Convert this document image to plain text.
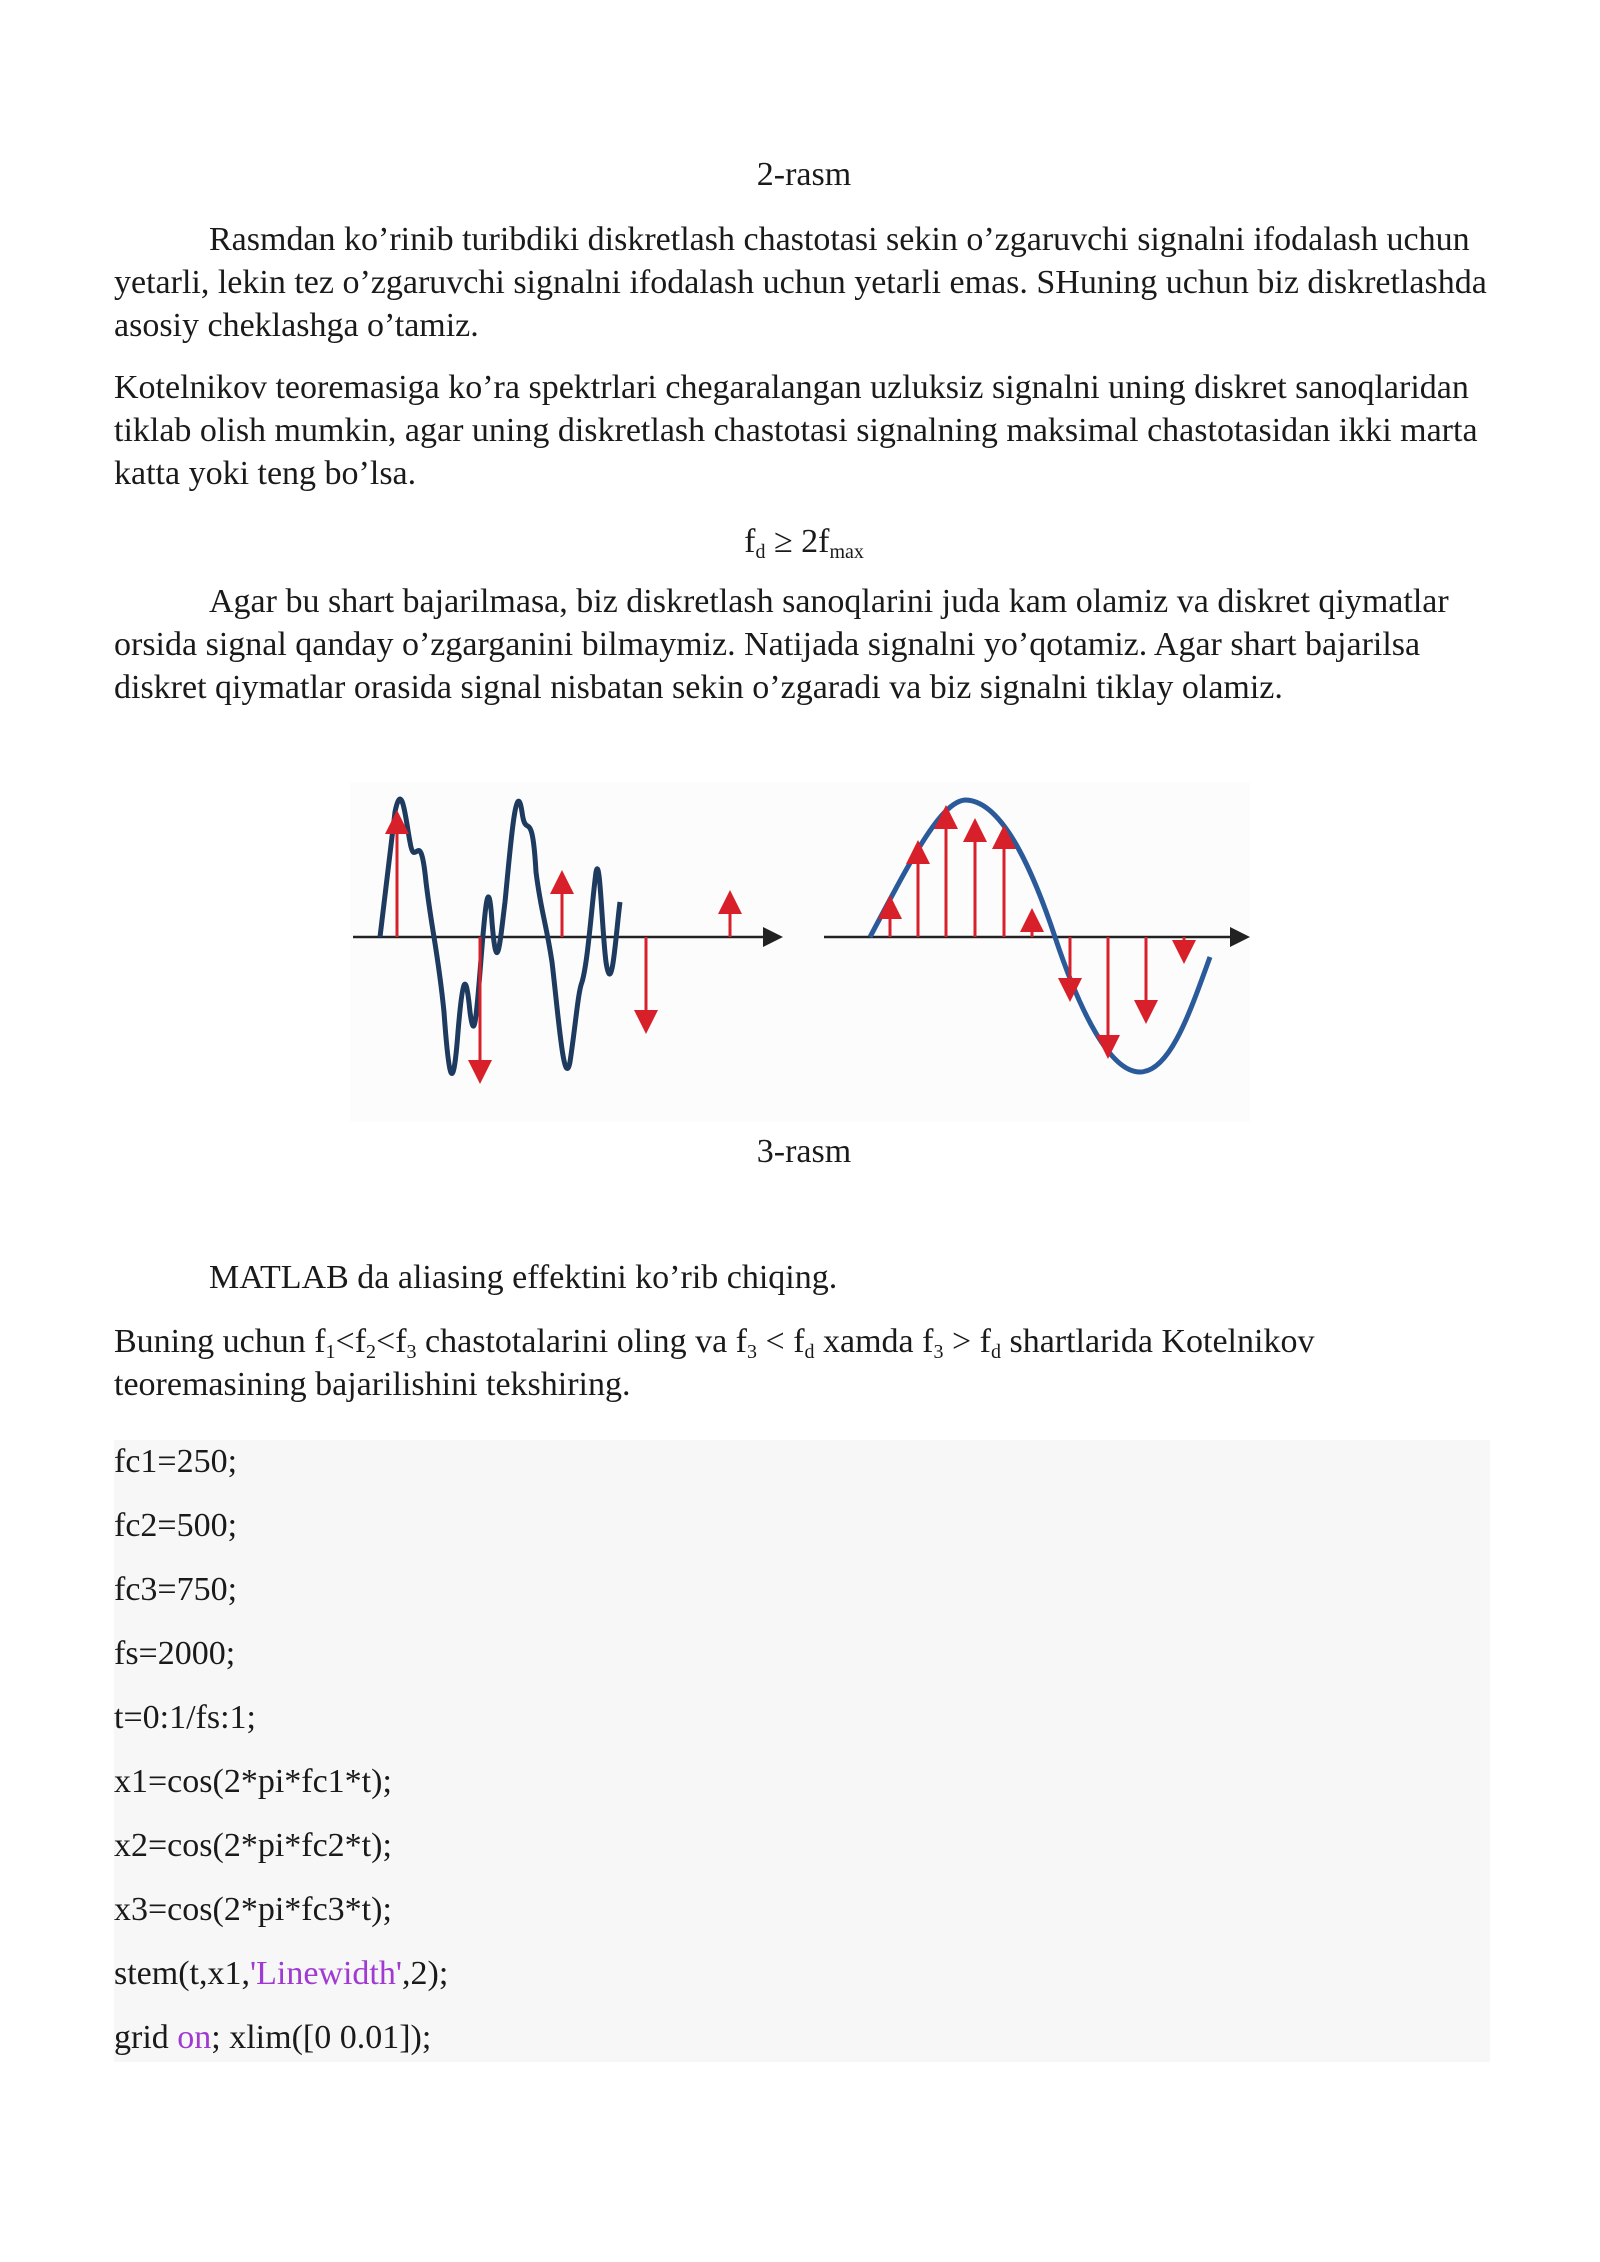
2-rasm

Rasmdan ko’rinib turibdiki diskretlash chastotasi sekin o’zgaruvchi signalni ifodalash uchun yetarli, lekin tez o’zgaruvchi signalni ifodalash uchun yetarli emas. SHuning uchun biz diskretlashda asosiy cheklashga o’tamiz.

Kotelnikov teoremasiga ko’ra spektrlari chegaralangan uzluksiz signalni uning diskret sanoqlaridan tiklab olish mumkin, agar uning diskretlash chastotasi signalning maksimal chastotasidan ikki marta katta yoki teng bo’lsa.

$f_d \ge 2f_{max}$

Agar bu shart bajarilmasa, biz diskretlash sanoqlarini juda kam olamiz va diskret qiymatlar orsida signal qanday o’zgarganini bilmaymiz. Natijada signalni yo’qotamiz. Agar shart bajarilsa diskret qiymatlar orasida signal nisbatan sekin o’zgaradi va biz signalni tiklay olamiz.

3-rasm

MATLAB da aliasing effektini ko’rib chiqing.

Buning uchun $f_1<f_2<f_3$ chastotalarini oling va $f_3 < f_d$ xamda $f_3 > f_d$ shartlarida Kotelnikov teoremasining bajarilishini tekshiring.

fc1=250;
fc2=500;
fc3=750;
fs=2000;
t=0:1/fs:1;
x1=cos(2*pi*fc1*t);
x2=cos(2*pi*fc2*t);
x3=cos(2*pi*fc3*t);
stem(t,x1,'Linewidth',2);
grid on; xlim([0 0.01]);
